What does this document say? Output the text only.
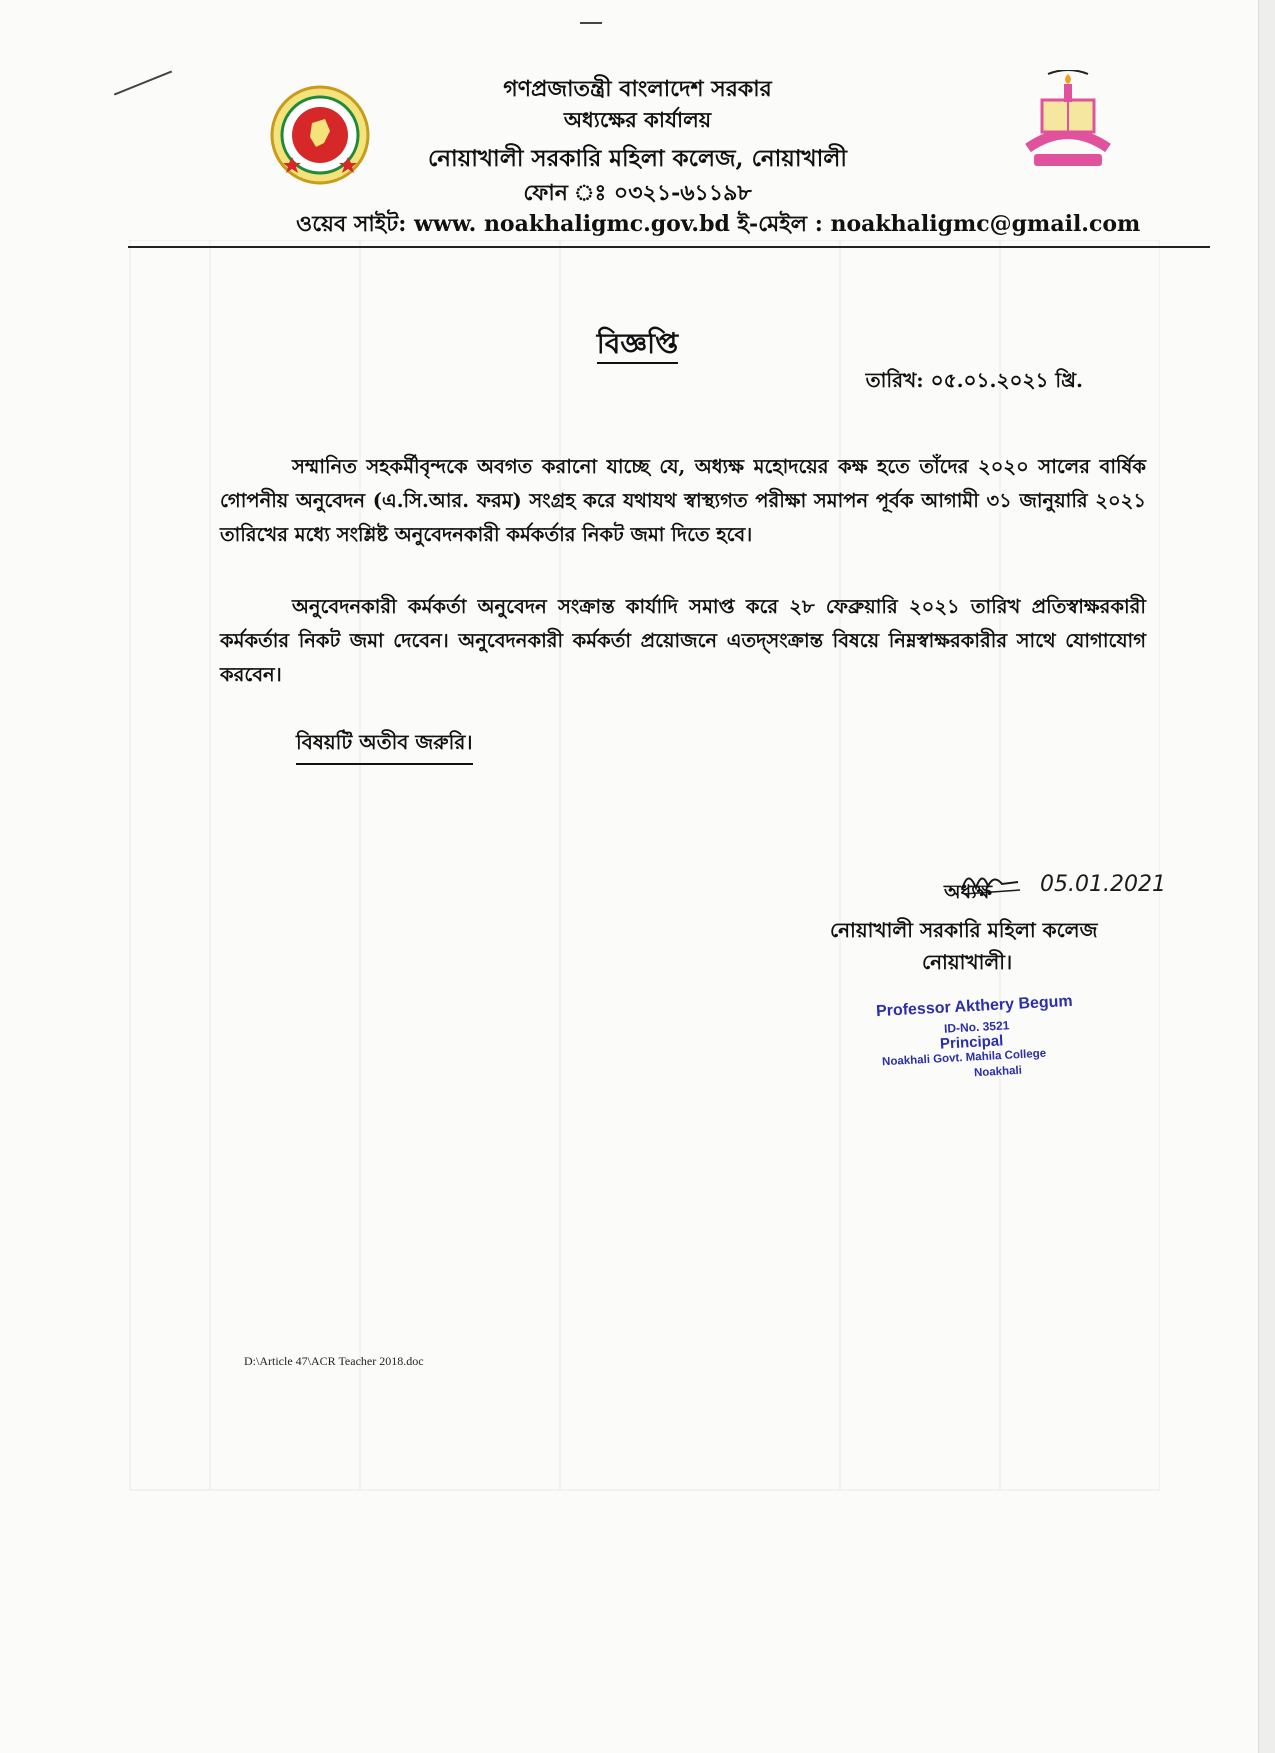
গণপ্রজাতন্ত্রী বাংলাদেশ সরকার
অধ্যক্ষের কার্যালয়
নোয়াখালী সরকারি মহিলা কলেজ, নোয়াখালী
ফোন ঃ ০৩২১-৬১১৯৮
ওয়েব সাইট: www. noakhaligmc.gov.bd ই-মেইল : noakhaligmc@gmail.com
বিজ্ঞপ্তি
তারিখ: ০৫.০১.২০২১ খ্রি.

সম্মানিত সহকর্মীবৃন্দকে অবগত করানো যাচ্ছে যে, অধ্যক্ষ মহোদয়ের কক্ষ হতে তাঁদের ২০২০ সালের বার্ষিক গোপনীয় অনুবেদন (এ.সি.আর. ফরম) সংগ্রহ করে যথাযথ স্বাস্থ্যগত পরীক্ষা সমাপন পূর্বক আগামী ৩১ জানুয়ারি ২০২১ তারিখের মধ্যে সংশ্লিষ্ট অনুবেদনকারী কর্মকর্তার নিকট জমা দিতে হবে।

অনুবেদনকারী কর্মকর্তা অনুবেদন সংক্রান্ত কার্যাদি সমাপ্ত করে ২৮ ফেব্রুয়ারি ২০২১ তারিখ প্রতিস্বাক্ষরকারী কর্মকর্তার নিকট জমা দেবেন। অনুবেদনকারী কর্মকর্তা প্রয়োজনে এতদ্সংক্রান্ত বিষয়ে নিম্নস্বাক্ষরকারীর সাথে যোগাযোগ করবেন।

বিষয়টি অতীব জরুরি।
05.01.2021
অধ্যক্ষ
নোয়াখালী সরকারি মহিলা কলেজ
নোয়াখালী।
Professor Akthery Begum
ID-No. 3521
Principal
Noakhali Govt. Mahila College
Noakhali
D:\Article 47\ACR Teacher 2018.doc
